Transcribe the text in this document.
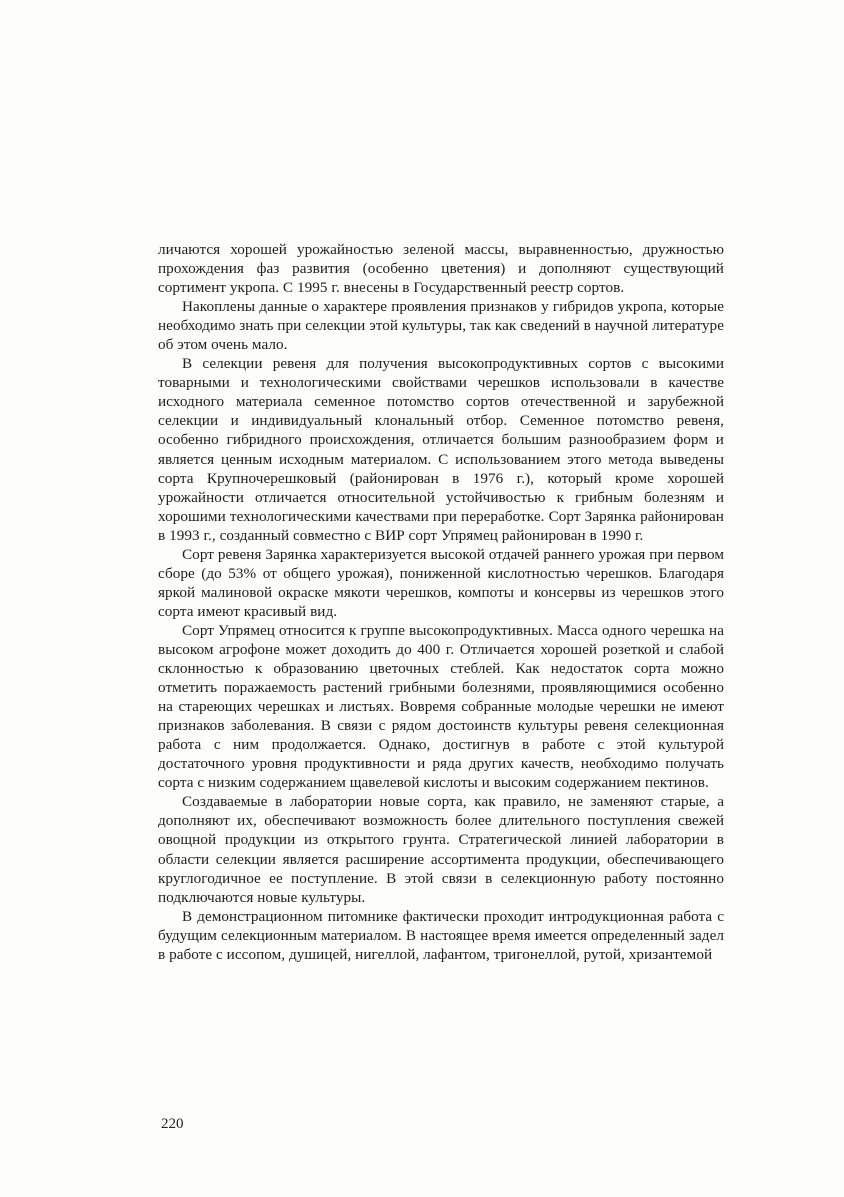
личаются хорошей урожайностью зеленой массы, выравненностью, дружностью прохождения фаз развития (особенно цветения) и дополняют существующий сортимент укропа. С 1995 г. внесены в Государственный реестр сортов.

Накоплены данные о характере проявления признаков у гибридов укропа, которые необходимо знать при селекции этой культуры, так как сведений в научной литературе об этом очень мало.

В селекции ревеня для получения высокопродуктивных сортов с высокими товарными и технологическими свойствами черешков использовали в качестве исходного материала семенное потомство сортов отечественной и зарубежной селекции и индивидуальный клональный отбор. Семенное потомство ревеня, особенно гибридного происхождения, отличается большим разнообразием форм и является ценным исходным материалом. С использованием этого метода выведены сорта Крупночерешковый (районирован в 1976 г.), который кроме хорошей урожайности отличается относительной устойчивостью к грибным болезням и хорошими технологическими качествами при переработке. Сорт Зарянка районирован в 1993 г., созданный совместно с ВИР сорт Упрямец районирован в 1990 г.

Сорт ревеня Зарянка характеризуется высокой отдачей раннего урожая при первом сборе (до 53% от общего урожая), пониженной кислотностью черешков. Благодаря яркой малиновой окраске мякоти черешков, компоты и консервы из черешков этого сорта имеют красивый вид.

Сорт Упрямец относится к группе высокопродуктивных. Масса одного черешка на высоком агрофоне может доходить до 400 г. Отличается хорошей розеткой и слабой склонностью к образованию цветочных стеблей. Как недостаток сорта можно отметить поражаемость растений грибными болезнями, проявляющимися особенно на стареющих черешках и листьях. Вовремя собранные молодые черешки не имеют признаков заболевания. В связи с рядом достоинств культуры ревеня селекционная работа с ним продолжается. Однако, достигнув в работе с этой культурой достаточного уровня продуктивности и ряда других качеств, необходимо получать сорта с низким содержанием щавелевой кислоты и высоким содержанием пектинов.

Создаваемые в лаборатории новые сорта, как правило, не заменяют старые, а дополняют их, обеспечивают возможность более длительного поступления свежей овощной продукции из открытого грунта. Стратегической линией лаборатории в области селекции является расширение ассортимента продукции, обеспечивающего круглогодичное ее поступление. В этой связи в селекционную работу постоянно подключаются новые культуры.

В демонстрационном питомнике фактически проходит интродукционная работа с будущим селекционным материалом. В настоящее время имеется определенный задел в работе с иссопом, душицей, нигеллой, лафантом, тригонеллой, рутой, хризантемой

220
